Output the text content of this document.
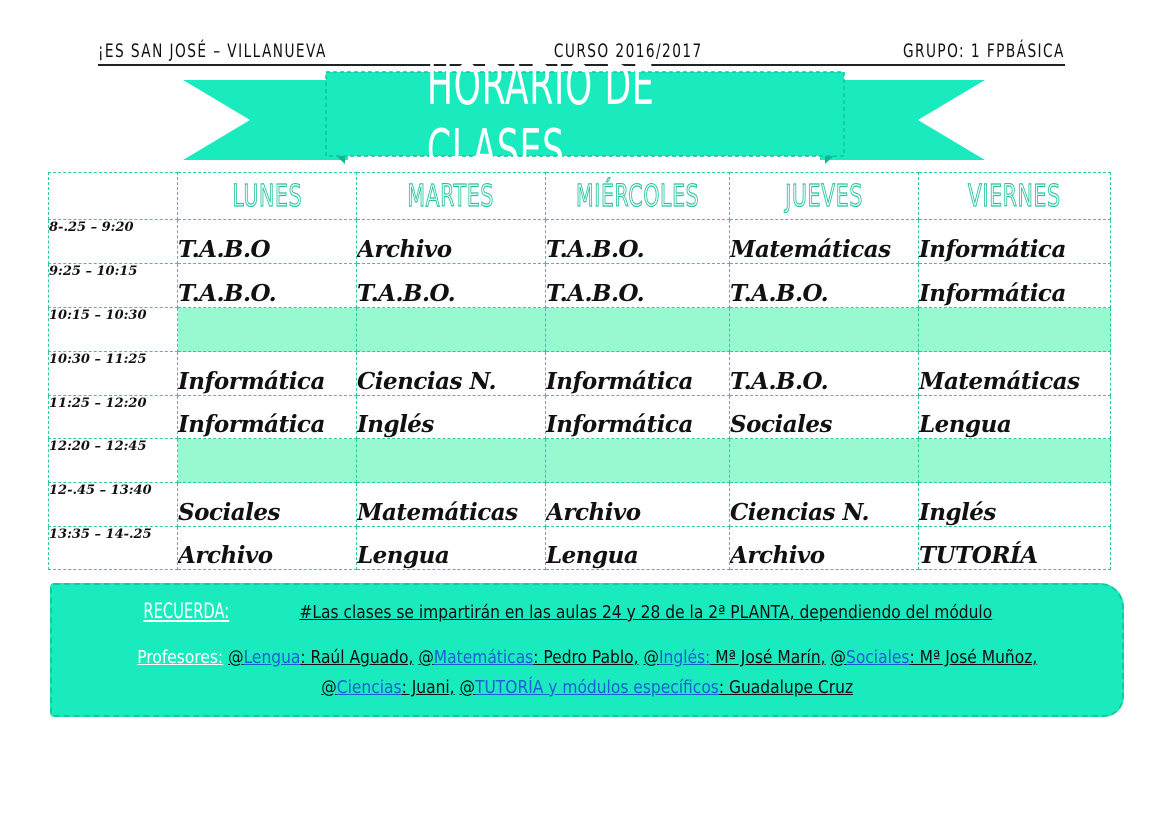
¡ES SAN JOSÉ – VILLANUEVA	CURSO 2016/2017	GRUPO: 1 FPBÁSICA
HORARIO DE CLASES
	LUNES	MARTES	MIÉRCOLES	JUEVES	VIERNES
8-.25 – 9:20	T.A.B.O	Archivo	T.A.B.O.	Matemáticas	Informática
9:25 – 10:15	T.A.B.O.	T.A.B.O.	T.A.B.O.	T.A.B.O.	Informática
10:15 – 10:30					
10:30 – 11:25	Informática	Ciencias N.	Informática	T.A.B.O.	Matemáticas
11:25 – 12:20	Informática	Inglés	Informática	Sociales	Lengua
12:20 – 12:45					
12-.45 – 13:40	Sociales	Matemáticas	Archivo	Ciencias N.	Inglés
13:35 – 14-.25	Archivo	Lengua	Lengua	Archivo	TUTORÍA
RECUERDA:	#Las clases se impartirán en las aulas 24 y 28 de la 2ª PLANTA, dependiendo del módulo
Profesores: @Lengua: Raúl Aguado, @Matemáticas: Pedro Pablo, @Inglés: Mª José Marín, @Sociales: Mª José Muñoz,
@Ciencias: Juani, @TUTORÍA y módulos específicos: Guadalupe Cruz
